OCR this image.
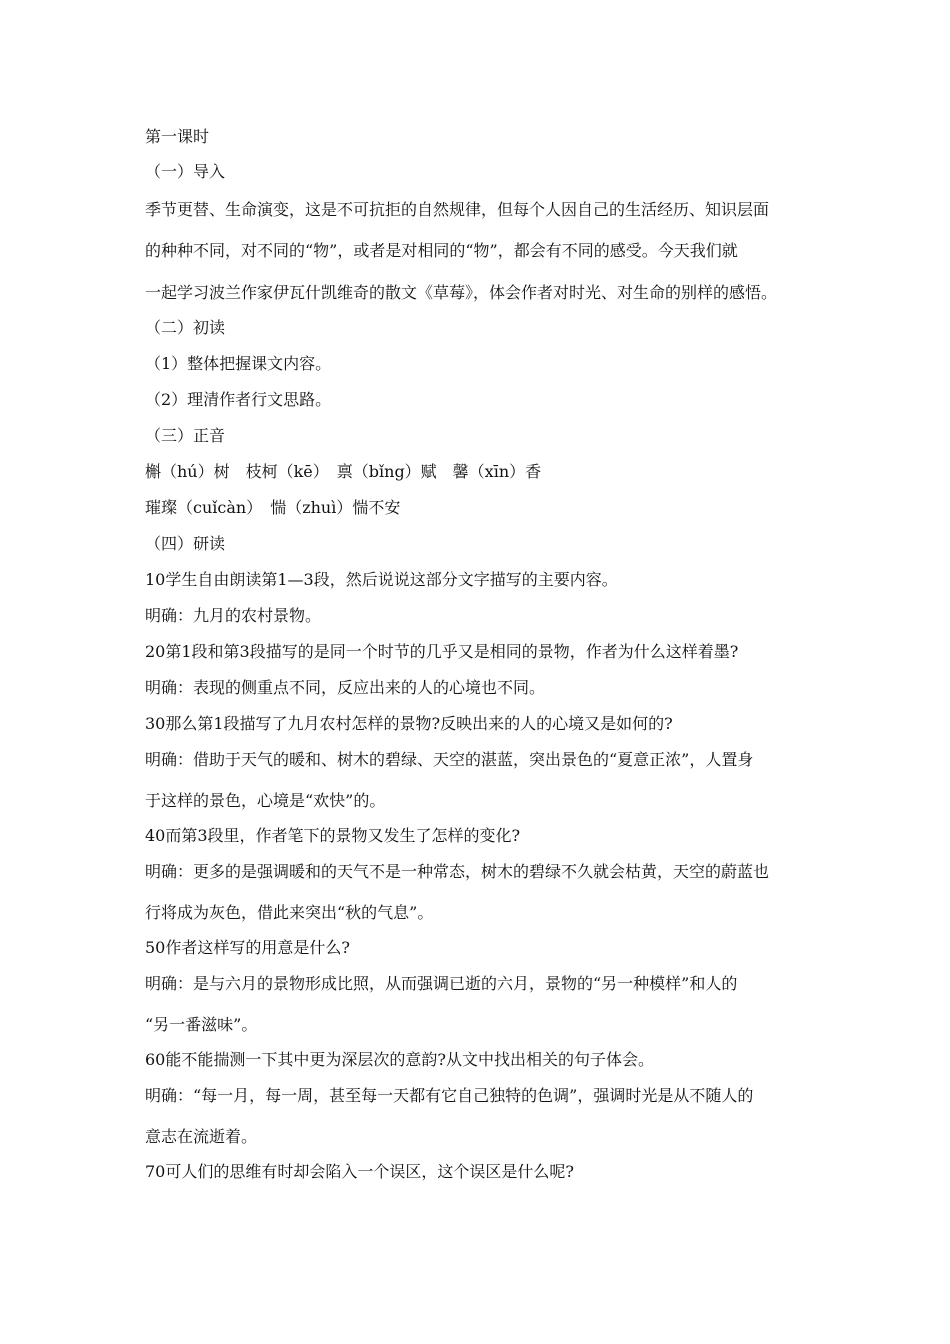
第一课时
（一）导入
季节更替、生命演变，这是不可抗拒的自然规律，但每个人因自己的生活经历、知识层面
的种种不同，对不同的“物”，或者是对相同的“物”，都会有不同的感受。今天我们就
一起学习波兰作家伊瓦什凯维奇的散文《草莓》，体会作者对时光、对生命的别样的感悟。
（二）初读
（1）整体把握课文内容。
（2）理清作者行文思路。
（三）正音
槲（hú）树　枝柯（kē）　禀（bǐng）赋　馨（xīn）香
璀璨（cuǐcàn）　惴（zhuì）惴不安
（四）研读
10学生自由朗读第1—3段，然后说说这部分文字描写的主要内容。
明确：九月的农村景物。
20第1段和第3段描写的是同一个时节的几乎又是相同的景物，作者为什么这样着墨?
明确：表现的侧重点不同，反应出来的人的心境也不同。
30那么第1段描写了九月农村怎样的景物?反映出来的人的心境又是如何的?
明确：借助于天气的暖和、树木的碧绿、天空的湛蓝，突出景色的“夏意正浓”，人置身
于这样的景色，心境是“欢快”的。
40而第3段里，作者笔下的景物又发生了怎样的变化?
明确：更多的是强调暖和的天气不是一种常态，树木的碧绿不久就会枯黄，天空的蔚蓝也
行将成为灰色，借此来突出“秋的气息”。
50作者这样写的用意是什么?
明确：是与六月的景物形成比照，从而强调已逝的六月，景物的“另一种模样”和人的
“另一番滋味”。
60能不能揣测一下其中更为深层次的意韵?从文中找出相关的句子体会。
明确：“每一月，每一周，甚至每一天都有它自己独特的色调”，强调时光是从不随人的
意志在流逝着。
70可人们的思维有时却会陷入一个误区，这个误区是什么呢?
